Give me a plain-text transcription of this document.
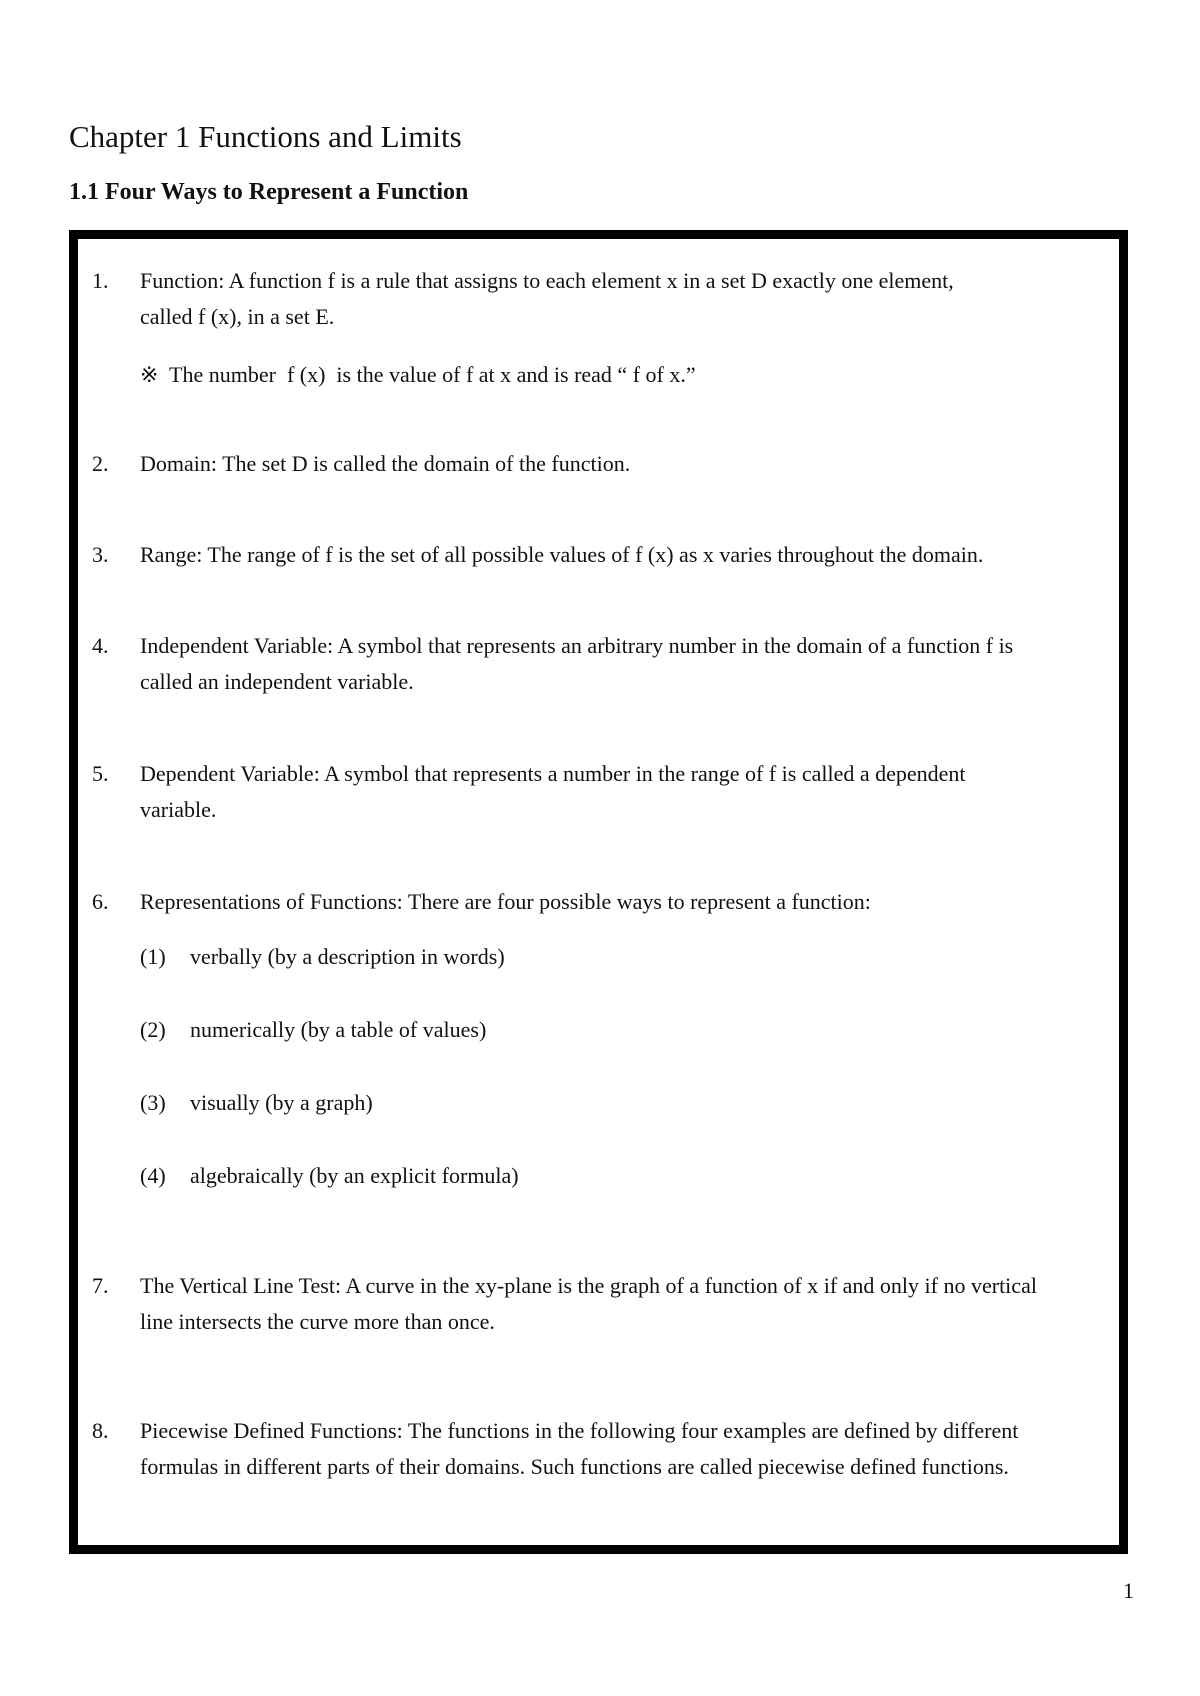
Chapter 1 Functions and Limits
1.1 Four Ways to Represent a Function
1. Function: A function f is a rule that assigns to each element x in a set D exactly one element,
called f (x), in a set E.
※  The number  f (x)  is the value of f at x and is read “ f of x.”
2. Domain: The set D is called the domain of the function.
3. Range: The range of f is the set of all possible values of f (x) as x varies throughout the domain.
4. Independent Variable: A symbol that represents an arbitrary number in the domain of a function f is
called an independent variable.
5. Dependent Variable: A symbol that represents a number in the range of f is called a dependent
variable.
6. Representations of Functions: There are four possible ways to represent a function:
(1) verbally (by a description in words)
(2) numerically (by a table of values)
(3) visually (by a graph)
(4) algebraically (by an explicit formula)
7. The Vertical Line Test: A curve in the xy-plane is the graph of a function of x if and only if no vertical
line intersects the curve more than once.
8. Piecewise Defined Functions: The functions in the following four examples are defined by different
formulas in different parts of their domains. Such functions are called piecewise defined functions.
1
